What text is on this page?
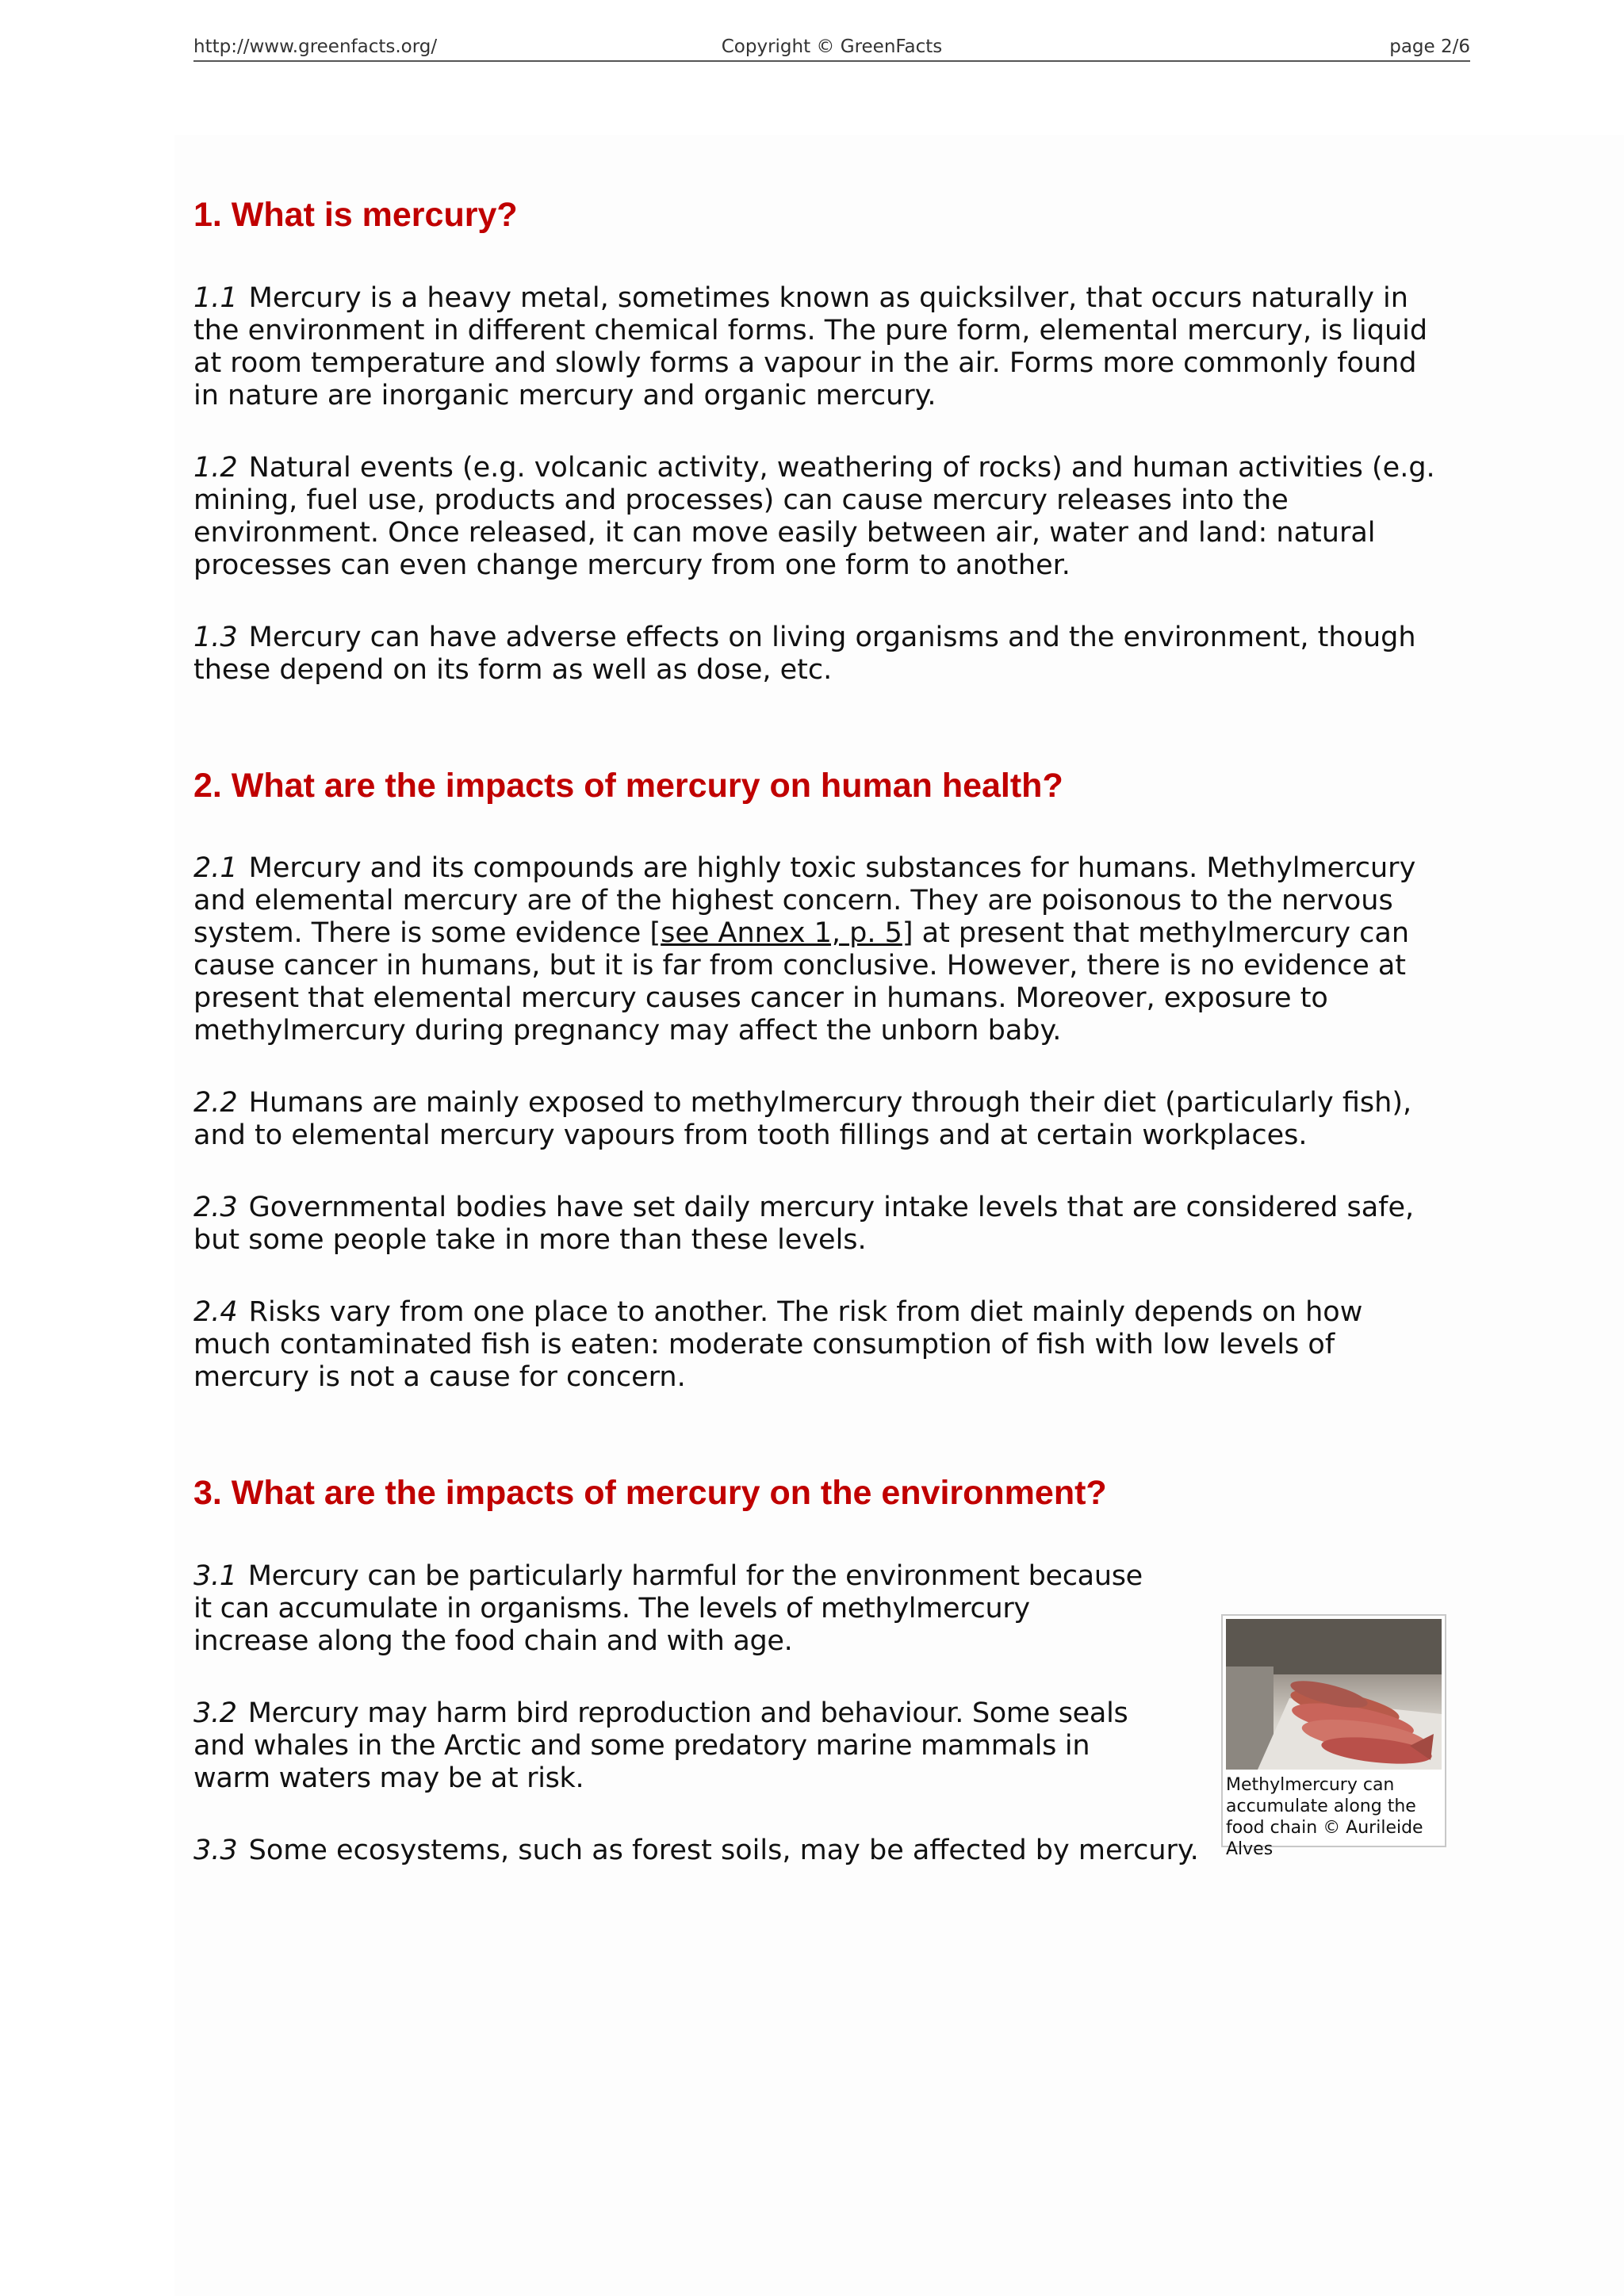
http://www.greenfacts.org/	Copyright © GreenFacts	page 2/6
1. What is mercury?

1.1 Mercury is a heavy metal, sometimes known as quicksilver, that occurs naturally in the environment in different chemical forms. The pure form, elemental mercury, is liquid at room temperature and slowly forms a vapour in the air. Forms more commonly found in nature are inorganic mercury and organic mercury.

1.2 Natural events (e.g. volcanic activity, weathering of rocks) and human activities (e.g. mining, fuel use, products and processes) can cause mercury releases into the environment. Once released, it can move easily between air, water and land: natural processes can even change mercury from one form to another.

1.3 Mercury can have adverse effects on living organisms and the environment, though these depend on its form as well as dose, etc.

2. What are the impacts of mercury on human health?

2.1 Mercury and its compounds are highly toxic substances for humans. Methylmercury and elemental mercury are of the highest concern. They are poisonous to the nervous system. There is some evidence [see Annex 1, p. 5] at present that methylmercury can cause cancer in humans, but it is far from conclusive. However, there is no evidence at present that elemental mercury causes cancer in humans. Moreover, exposure to methylmercury during pregnancy may affect the unborn baby.

2.2 Humans are mainly exposed to methylmercury through their diet (particularly fish), and to elemental mercury vapours from tooth fillings and at certain workplaces.

2.3 Governmental bodies have set daily mercury intake levels that are considered safe, but some people take in more than these levels.

2.4 Risks vary from one place to another. The risk from diet mainly depends on how much contaminated fish is eaten: moderate consumption of fish with low levels of mercury is not a cause for concern.

3. What are the impacts of mercury on the environment?

3.1 Mercury can be particularly harmful for the environment because it can accumulate in organisms. The levels of methylmercury increase along the food chain and with age.

3.2 Mercury may harm bird reproduction and behaviour. Some seals and whales in the Arctic and some predatory marine mammals in warm waters may be at risk.	Methylmercury can accumulate along the food chain © Aurileide Alves

3.3 Some ecosystems, such as forest soils, may be affected by mercury.
